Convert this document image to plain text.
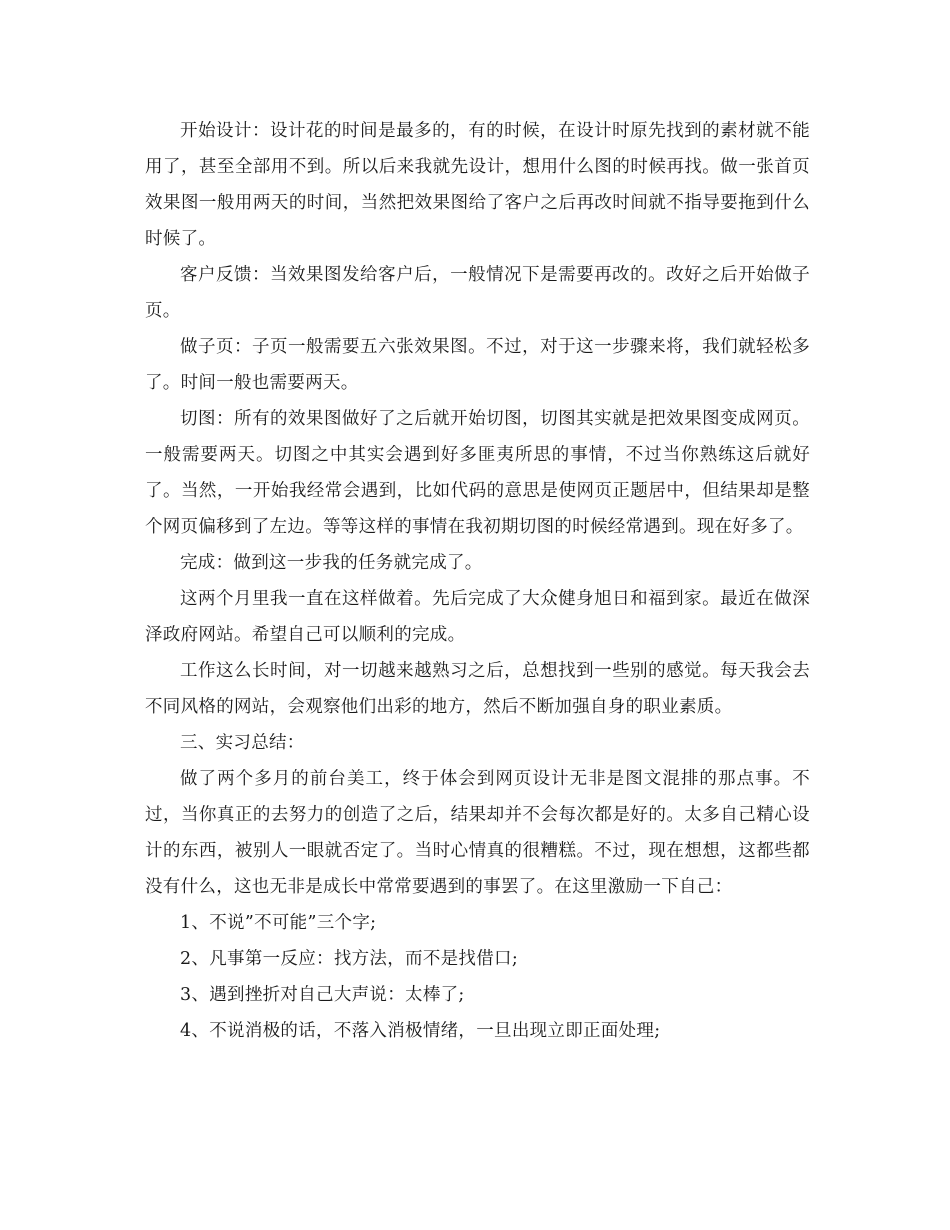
开始设计：设计花的时间是最多的，有的时候，在设计时原先找到的素材就不能用了，甚至全部用不到。所以后来我就先设计，想用什么图的时候再找。做一张首页效果图一般用两天的时间，当然把效果图给了客户之后再改时间就不指导要拖到什么时候了。

客户反馈：当效果图发给客户后，一般情况下是需要再改的。改好之后开始做子页。

做子页：子页一般需要五六张效果图。不过，对于这一步骤来将，我们就轻松多了。时间一般也需要两天。

切图：所有的效果图做好了之后就开始切图，切图其实就是把效果图变成网页。一般需要两天。切图之中其实会遇到好多匪夷所思的事情，不过当你熟练这后就好了。当然，一开始我经常会遇到，比如代码的意思是使网页正题居中，但结果却是整个网页偏移到了左边。等等这样的事情在我初期切图的时候经常遇到。现在好多了。

完成：做到这一步我的任务就完成了。

这两个月里我一直在这样做着。先后完成了大众健身旭日和福到家。最近在做深泽政府网站。希望自己可以顺利的完成。

工作这么长时间，对一切越来越熟习之后，总想找到一些别的感觉。每天我会去不同风格的网站，会观察他们出彩的地方，然后不断加强自身的职业素质。

三、实习总结：

做了两个多月的前台美工，终于体会到网页设计无非是图文混排的那点事。不过，当你真正的去努力的创造了之后，结果却并不会每次都是好的。太多自己精心设计的东西，被别人一眼就否定了。当时心情真的很糟糕。不过，现在想想，这都些都没有什么，这也无非是成长中常常要遇到的事罢了。在这里激励一下自己：

1、不说”不可能”三个字;

2、凡事第一反应：找方法，而不是找借口;

3、遇到挫折对自己大声说：太棒了;

4、不说消极的话，不落入消极情绪，一旦出现立即正面处理;
